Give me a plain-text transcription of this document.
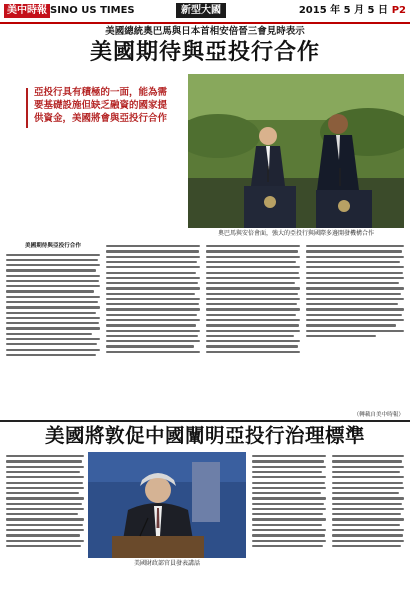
美中時報 SINO US TIMES	新型大國	2015 年 5 月 5 日 P2
美國總統奧巴馬與日本首相安倍晉三會見時表示
美國期待與亞投行合作

亞投行具有積極的一面，能為需要基礎設施但缺乏融資的國家提供資金，美國將會與亞投行合作

奧巴馬與安倍會面，強大的亞投行與國際多邊開發機構合作
美國期待與亞投行合作
（轉載自美中時報）
美國將敦促中國闡明亞投行治理標準
美國財政部官員發表講話
